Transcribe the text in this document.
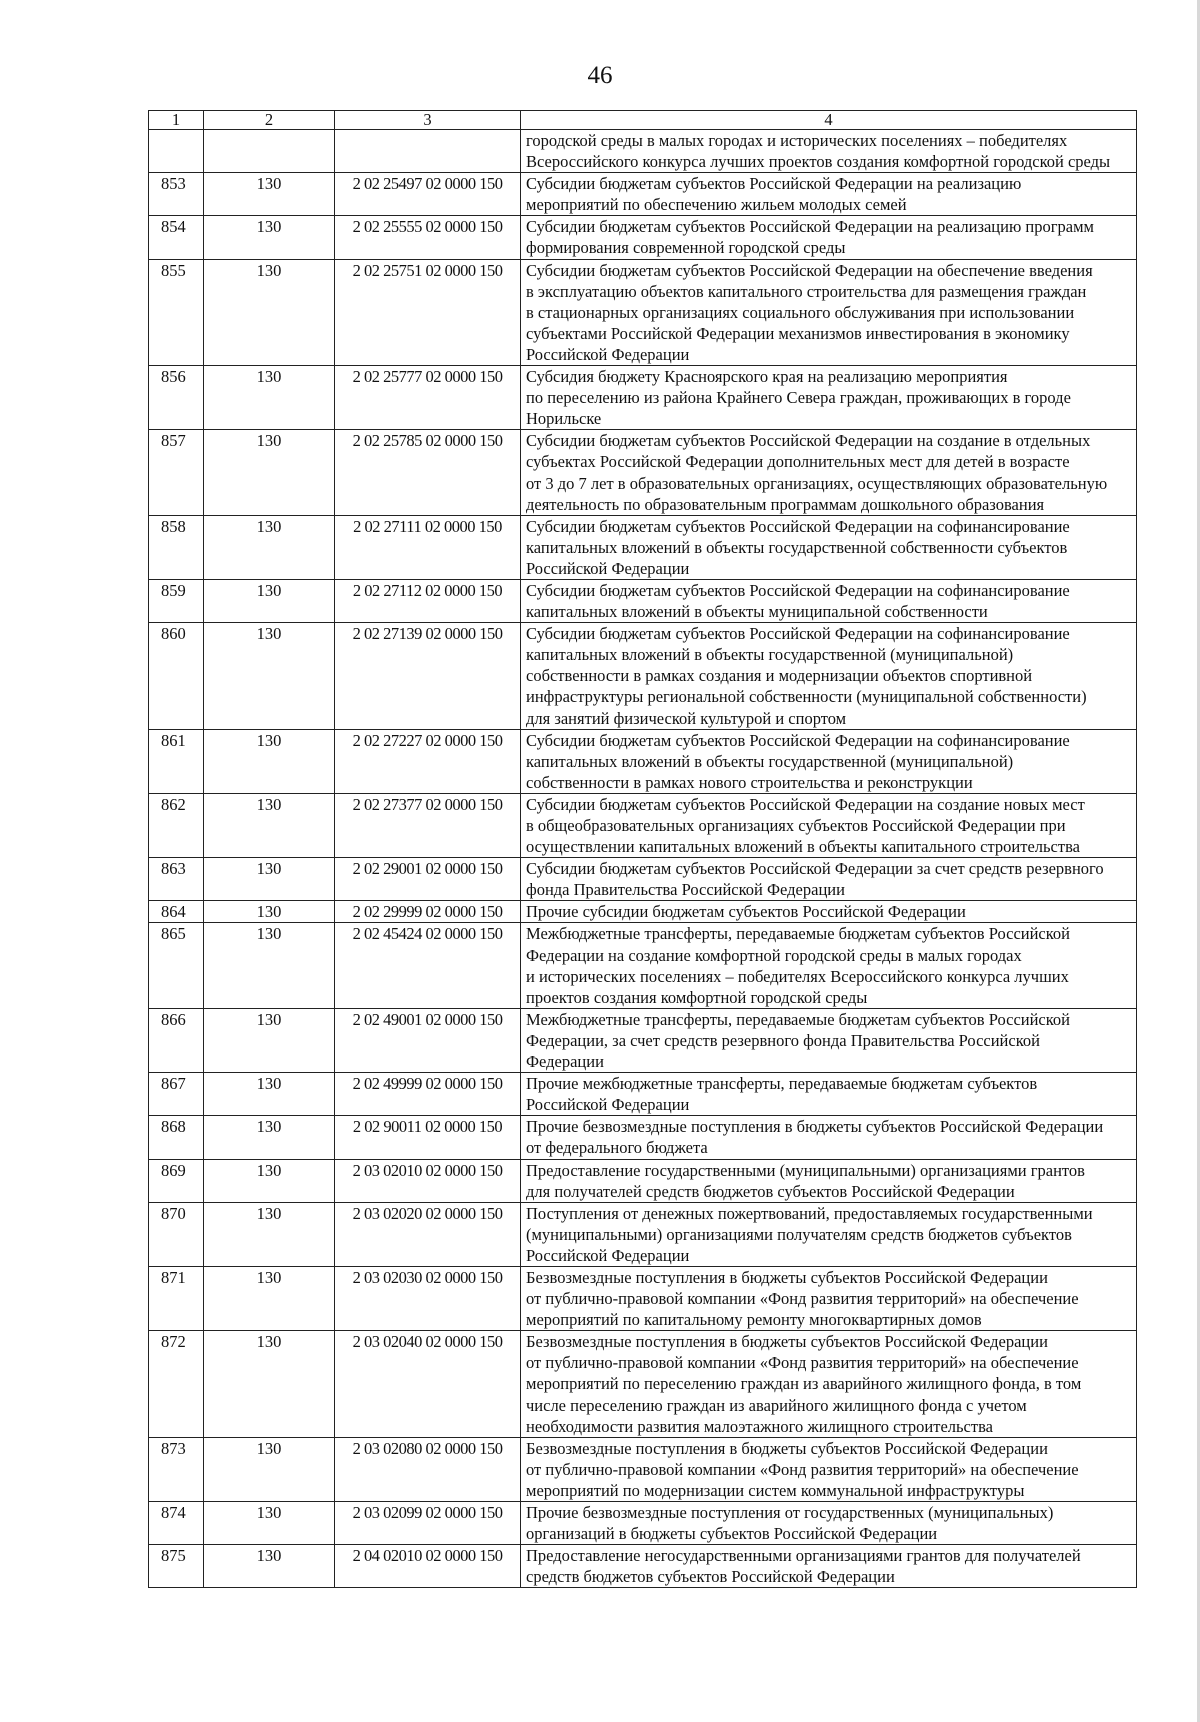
46
1	2	3	4

			городской среды в малых городах и исторических поселениях – победителях
Всероссийского конкурса лучших проектов создания комфортной городской среды

853	130	2 02 25497 02 0000 150	Субсидии бюджетам субъектов Российской Федерации на реализацию
мероприятий по обеспечению жильем молодых семей

854	130	2 02 25555 02 0000 150	Субсидии бюджетам субъектов Российской Федерации на реализацию программ
формирования современной городской среды

855	130	2 02 25751 02 0000 150	Субсидии бюджетам субъектов Российской Федерации на обеспечение введения
в эксплуатацию объектов капитального строительства для размещения граждан
в стационарных организациях социального обслуживания при использовании
субъектами Российской Федерации механизмов инвестирования в экономику
Российской Федерации

856	130	2 02 25777 02 0000 150	Субсидия бюджету Красноярского края на реализацию мероприятия
по переселению из района Крайнего Севера граждан, проживающих в городе
Норильске

857	130	2 02 25785 02 0000 150	Субсидии бюджетам субъектов Российской Федерации на создание в отдельных
субъектах Российской Федерации дополнительных мест для детей в возрасте
от 3 до 7 лет в образовательных организациях, осуществляющих образовательную
деятельность по образовательным программам дошкольного образования

858	130	2 02 27111 02 0000 150	Субсидии бюджетам субъектов Российской Федерации на софинансирование
капитальных вложений в объекты государственной собственности субъектов
Российской Федерации

859	130	2 02 27112 02 0000 150	Субсидии бюджетам субъектов Российской Федерации на софинансирование
капитальных вложений в объекты муниципальной собственности

860	130	2 02 27139 02 0000 150	Субсидии бюджетам субъектов Российской Федерации на софинансирование
капитальных вложений в объекты государственной (муниципальной)
собственности в рамках создания и модернизации объектов спортивной
инфраструктуры региональной собственности (муниципальной собственности)
для занятий физической культурой и спортом

861	130	2 02 27227 02 0000 150	Субсидии бюджетам субъектов Российской Федерации на софинансирование
капитальных вложений в объекты государственной (муниципальной)
собственности в рамках нового строительства и реконструкции

862	130	2 02 27377 02 0000 150	Субсидии бюджетам субъектов Российской Федерации на создание новых мест
в общеобразовательных организациях субъектов Российской Федерации при
осуществлении капитальных вложений в объекты капитального строительства

863	130	2 02 29001 02 0000 150	Субсидии бюджетам субъектов Российской Федерации за счет средств резервного
фонда Правительства Российской Федерации

864	130	2 02 29999 02 0000 150	Прочие субсидии бюджетам субъектов Российской Федерации

865	130	2 02 45424 02 0000 150	Межбюджетные трансферты, передаваемые бюджетам субъектов Российской
Федерации на создание комфортной городской среды в малых городах
и исторических поселениях – победителях Всероссийского конкурса лучших
проектов создания комфортной городской среды

866	130	2 02 49001 02 0000 150	Межбюджетные трансферты, передаваемые бюджетам субъектов Российской
Федерации, за счет средств резервного фонда Правительства Российской
Федерации

867	130	2 02 49999 02 0000 150	Прочие межбюджетные трансферты, передаваемые бюджетам субъектов
Российской Федерации

868	130	2 02 90011 02 0000 150	Прочие безвозмездные поступления в бюджеты субъектов Российской Федерации
от федерального бюджета

869	130	2 03 02010 02 0000 150	Предоставление государственными (муниципальными) организациями грантов
для получателей средств бюджетов субъектов Российской Федерации

870	130	2 03 02020 02 0000 150	Поступления от денежных пожертвований, предоставляемых государственными
(муниципальными) организациями получателям средств бюджетов субъектов
Российской Федерации

871	130	2 03 02030 02 0000 150	Безвозмездные поступления в бюджеты субъектов Российской Федерации
от публично-правовой компании «Фонд развития территорий» на обеспечение
мероприятий по капитальному ремонту многоквартирных домов

872	130	2 03 02040 02 0000 150	Безвозмездные поступления в бюджеты субъектов Российской Федерации
от публично-правовой компании «Фонд развития территорий» на обеспечение
мероприятий по переселению граждан из аварийного жилищного фонда, в том
числе переселению граждан из аварийного жилищного фонда с учетом
необходимости развития малоэтажного жилищного строительства

873	130	2 03 02080 02 0000 150	Безвозмездные поступления в бюджеты субъектов Российской Федерации
от публично-правовой компании «Фонд развития территорий» на обеспечение
мероприятий по модернизации систем коммунальной инфраструктуры

874	130	2 03 02099 02 0000 150	Прочие безвозмездные поступления от государственных (муниципальных)
организаций в бюджеты субъектов Российской Федерации

875	130	2 04 02010 02 0000 150	Предоставление негосударственными организациями грантов для получателей
средств бюджетов субъектов Российской Федерации
